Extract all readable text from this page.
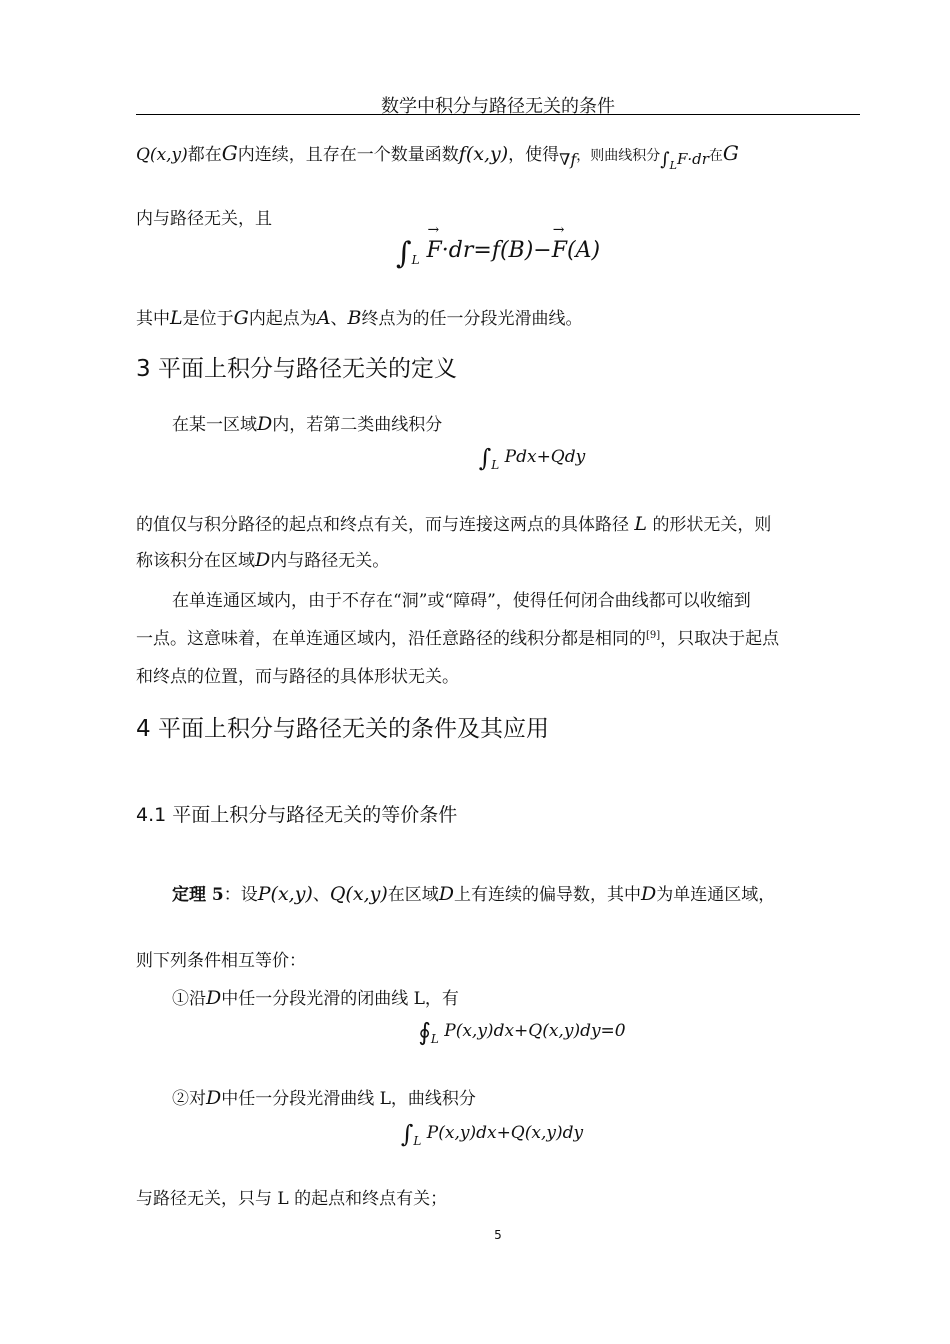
数学中积分与路径无关的条件
Q(x,y)都在G内连续，且存在一个数量函数f(x,y)，使得∇f，则曲线积分$\int_LF\cdot dr$在G
内与路径无关，且
$\int_L \to F\cdot dr=f(B)-\to F(A)$
其中L是位于G内起点为A、B终点为的任一分段光滑曲线。
3 平面上积分与路径无关的定义
在某一区域D内，若第二类曲线积分
$\int_L$ Pdx+Qdy
的值仅与积分路径的起点和终点有关，而与连接这两点的具体路径 L 的形状无关，则
称该积分在区域D内与路径无关。
在单连通区域内，由于不存在“洞”或“障碍”，使得任何闭合曲线都可以收缩到
一点。这意味着，在单连通区域内，沿任意路径的线积分都是相同的[9]，只取决于起点
和终点的位置，而与路径的具体形状无关。
4 平面上积分与路径无关的条件及其应用
4.1 平面上积分与路径无关的等价条件
定理 5：设P(x,y)、Q(x,y)在区域D上有连续的偏导数，其中D为单连通区域，
则下列条件相互等价：
①沿D中任一分段光滑的闭曲线 L，有
$∮_L$ P(x,y)dx+Q(x,y)dy=0
②对D中任一分段光滑曲线 L，曲线积分
$\int_L$ P(x,y)dx+Q(x,y)dy
与路径无关，只与 L 的起点和终点有关；
5
